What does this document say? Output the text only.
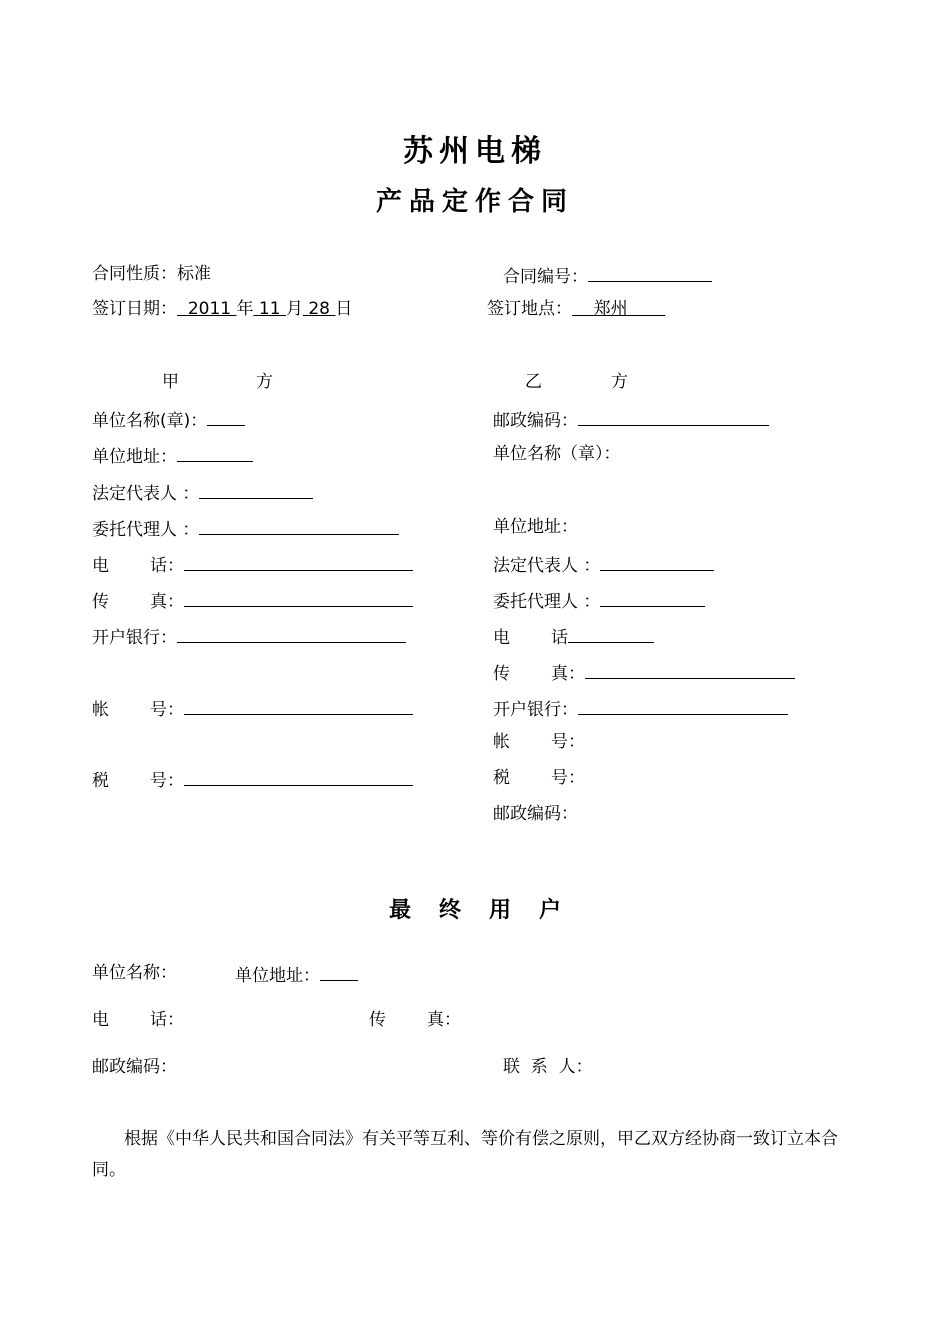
苏州电梯
产品定作合同
合同性质：标准	合同编号：
签订日期： 2011 年 11 月 28 日	签订地点： 郑州
甲	方	乙	方
单位名称(章)：
单位地址：
法定代表人 ：
委托代理人 ：
电 话：
传 真：
开户银行：
帐 号：
税 号：
邮政编码：
单位名称（章）：
单位地址：
法定代表人 ：
委托代理人 ：
电 话
传 真：
开户银行：
帐 号：
税 号：
邮政编码：
最 终 用 户
单位名称：	单位地址：
电 话：	传 真：
邮政编码：	联  系  人：
根据《中华人民共和国合同法》有关平等互利、等价有偿之原则，甲乙双方经协商一致订立本合同。
